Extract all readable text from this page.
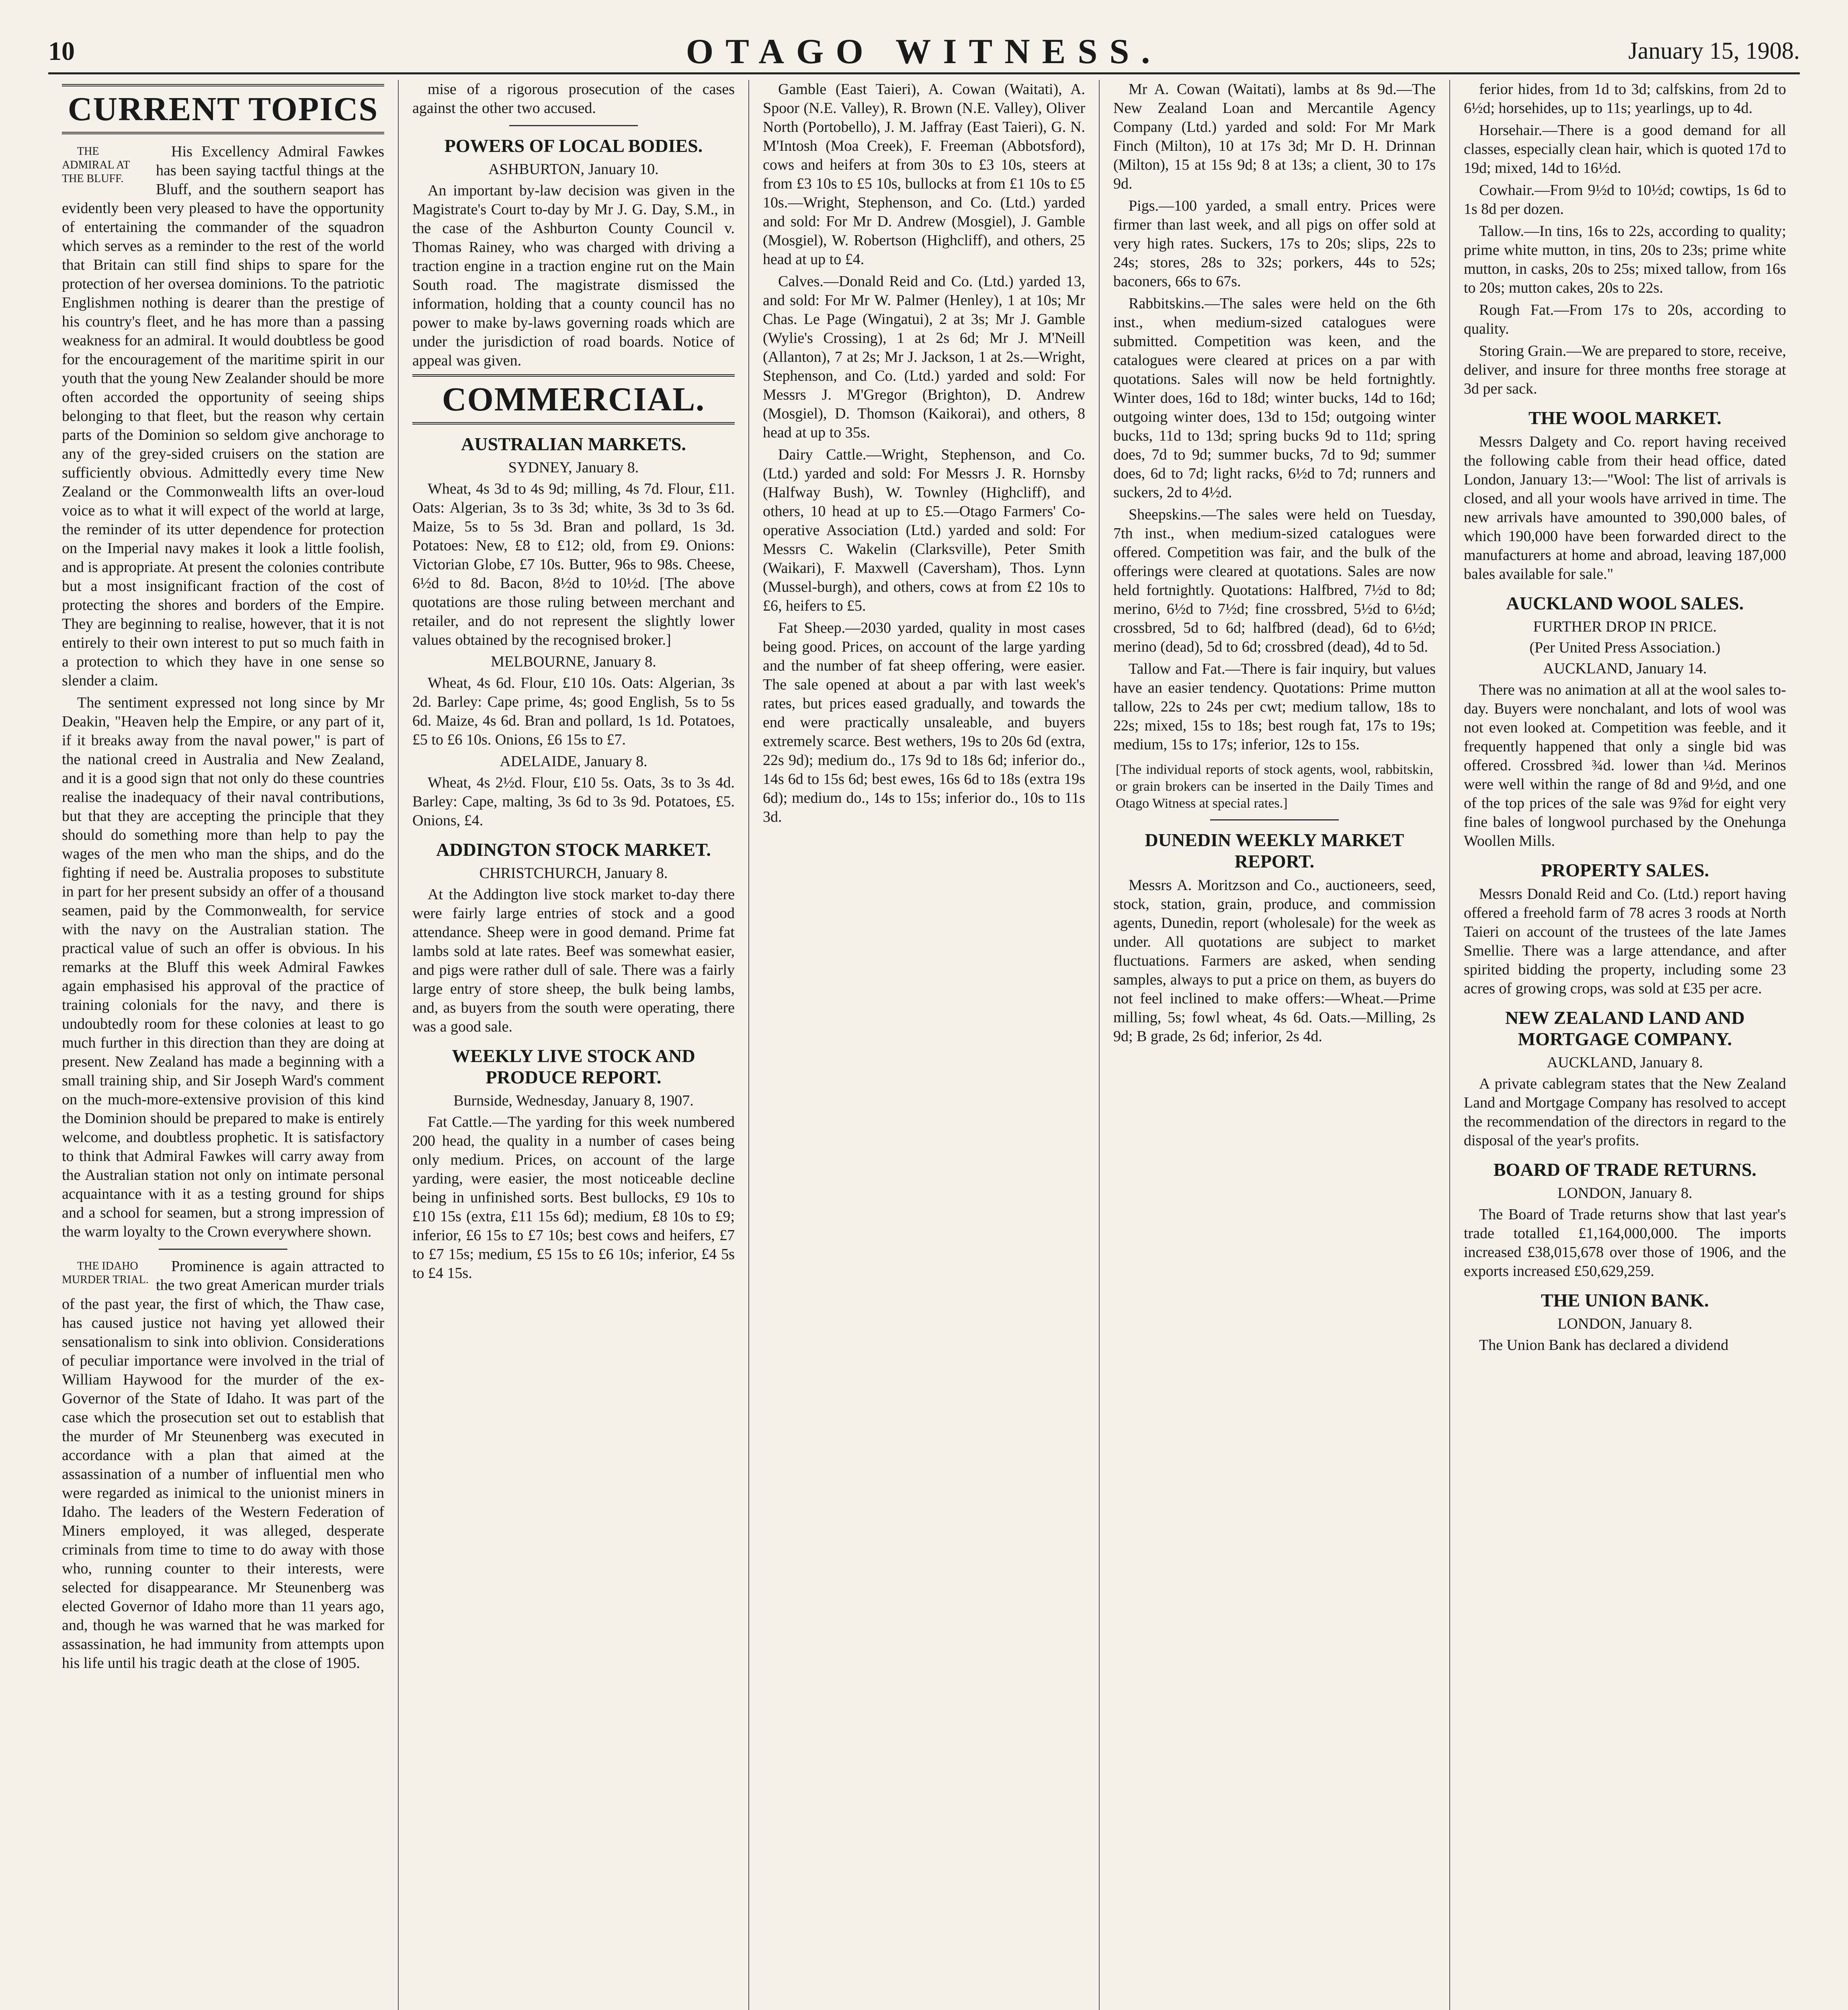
10	OTAGO WITNESS.	January 15, 1908.
CURRENT TOPICS

THE ADMIRAL AT THE BLUFF.
His Excellency Admiral Fawkes has been saying tactful things at the Bluff, and the southern seaport has evidently been very pleased to have the opportunity of entertaining the commander of the squadron which serves as a reminder to the rest of the world that Britain can still find ships to spare for the protection of her oversea dominions. To the patriotic Englishmen nothing is dearer than the prestige of his country's fleet, and he has more than a passing weakness for an admiral. It would doubtless be good for the encouragement of the maritime spirit in our youth that the young New Zealander should be more often accorded the opportunity of seeing ships belonging to that fleet, but the reason why certain parts of the Dominion so seldom give anchorage to any of the grey-sided cruisers on the station are sufficiently obvious. Admittedly every time New Zealand or the Commonwealth lifts an over-loud voice as to what it will expect of the world at large, the reminder of its utter dependence for protection on the Imperial navy makes it look a little foolish, and is appropriate. At present the colonies contribute but a most insignificant fraction of the cost of protecting the shores and borders of the Empire. They are beginning to realise, however, that it is not entirely to their own interest to put so much faith in a protection to which they have in one sense so slender a claim.

The sentiment expressed not long since by Mr Deakin, "Heaven help the Empire, or any part of it, if it breaks away from the naval power," is part of the national creed in Australia and New Zealand, and it is a good sign that not only do these countries realise the inadequacy of their naval contributions, but that they are accepting the principle that they should do something more than help to pay the wages of the men who man the ships, and do the fighting if need be. Australia proposes to substitute in part for her present subsidy an offer of a thousand seamen, paid by the Commonwealth, for service with the navy on the Australian station. The practical value of such an offer is obvious. In his remarks at the Bluff this week Admiral Fawkes again emphasised his approval of the practice of training colonials for the navy, and there is undoubtedly room for these colonies at least to go much further in this direction than they are doing at present. New Zealand has made a beginning with a small training ship, and Sir Joseph Ward's comment on the much-more-extensive provision of this kind the Dominion should be prepared to make is entirely welcome, and doubtless prophetic. It is satisfactory to think that Admiral Fawkes will carry away from the Australian station not only on intimate personal acquaintance with it as a testing ground for ships and a school for seamen, but a strong impression of the warm loyalty to the Crown everywhere shown.

THE IDAHO MURDER TRIAL.
Prominence is again attracted to the two great American murder trials of the past year, the first of which, the Thaw case, has caused justice not having yet allowed their sensationalism to sink into oblivion. Considerations of peculiar importance were involved in the trial of William Haywood for the murder of the ex-Governor of the State of Idaho. It was part of the case which the prosecution set out to establish that the murder of Mr Steunenberg was executed in accordance with a plan that aimed at the assassination of a number of influential men who were regarded as inimical to the unionist miners in Idaho. The leaders of the Western Federation of Miners employed, it was alleged, desperate criminals from time to time to do away with those who, running counter to their interests, were selected for disappearance. Mr Steunenberg was elected Governor of Idaho more than 11 years ago, and, though he was warned that he was marked for assassination, he had immunity from attempts upon his life until his tragic death at the close of 1905.

mise of a rigorous prosecution of the cases against the other two accused.

POWERS OF LOCAL BODIES.
ASHBURTON, January 10.

An important by-law decision was given in the Magistrate's Court to-day by Mr J. G. Day, S.M., in the case of the Ashburton County Council v. Thomas Rainey, who was charged with driving a traction engine in a traction engine rut on the Main South road. The magistrate dismissed the information, holding that a county council has no power to make by-laws governing roads which are under the jurisdiction of road boards. Notice of appeal was given.

COMMERCIAL.
AUSTRALIAN MARKETS.
SYDNEY, January 8.

Wheat, 4s 3d to 4s 9d; milling, 4s 7d. Flour, £11. Oats: Algerian, 3s to 3s 3d; white, 3s 3d to 3s 6d. Maize, 5s to 5s 3d. Bran and pollard, 1s 3d. Potatoes: New, £8 to £12; old, from £9. Onions: Victorian Globe, £7 10s. Butter, 96s to 98s. Cheese, 6½d to 8d. Bacon, 8½d to 10½d. [The above quotations are those ruling between merchant and retailer, and do not represent the slightly lower values obtained by the recognised broker.]

MELBOURNE, January 8.

Wheat, 4s 6d. Flour, £10 10s. Oats: Algerian, 3s 2d. Barley: Cape prime, 4s; good English, 5s to 5s 6d. Maize, 4s 6d. Bran and pollard, 1s 1d. Potatoes, £5 to £6 10s. Onions, £6 15s to £7.

ADELAIDE, January 8.

Wheat, 4s 2½d. Flour, £10 5s. Oats, 3s to 3s 4d. Barley: Cape, malting, 3s 6d to 3s 9d. Potatoes, £5. Onions, £4.

ADDINGTON STOCK MARKET.
CHRISTCHURCH, January 8.

At the Addington live stock market to-day there were fairly large entries of stock and a good attendance. Sheep were in good demand. Prime fat lambs sold at late rates. Beef was somewhat easier, and pigs were rather dull of sale. There was a fairly large entry of store sheep, the bulk being lambs, and, as buyers from the south were operating, there was a good sale.

WEEKLY LIVE STOCK AND PRODUCE REPORT.
Burnside, Wednesday, January 8, 1907.

Fat Cattle.—The yarding for this week numbered 200 head, the quality in a number of cases being only medium. Prices, on account of the large yarding, were easier, the most noticeable decline being in unfinished sorts. Best bullocks, £9 10s to £10 15s (extra, £11 15s 6d); medium, £8 10s to £9; inferior, £6 15s to £7 10s; best cows and heifers, £7 to £7 15s; medium, £5 15s to £6 10s; inferior, £4 5s to £4 15s.

Gamble (East Taieri), A. Cowan (Waitati), A. Spoor (N.E. Valley), R. Brown (N.E. Valley), Oliver North (Portobello), J. M. Jaffray (East Taieri), G. N. M'Intosh (Moa Creek), F. Freeman (Abbotsford), cows and heifers at from 30s to £3 10s, steers at from £3 10s to £5 10s, bullocks at from £1 10s to £5 10s.—Wright, Stephenson, and Co. (Ltd.) yarded and sold: For Mr D. Andrew (Mosgiel), J. Gamble (Mosgiel), W. Robertson (Highcliff), and others, 25 head at up to £4.

Calves.—Donald Reid and Co. (Ltd.) yarded 13, and sold: For Mr W. Palmer (Henley), 1 at 10s; Mr Chas. Le Page (Wingatui), 2 at 3s; Mr J. Gamble (Wylie's Crossing), 1 at 2s 6d; Mr J. M'Neill (Allanton), 7 at 2s; Mr J. Jackson, 1 at 2s.—Wright, Stephenson, and Co. (Ltd.) yarded and sold: For Messrs J. M'Gregor (Brighton), D. Andrew (Mosgiel), D. Thomson (Kaikorai), and others, 8 head at up to 35s.

Dairy Cattle.—Wright, Stephenson, and Co. (Ltd.) yarded and sold: For Messrs J. R. Hornsby (Halfway Bush), W. Townley (Highcliff), and others, 10 head at up to £5.—Otago Farmers' Co-operative Association (Ltd.) yarded and sold: For Messrs C. Wakelin (Clarksville), Peter Smith (Waikari), F. Maxwell (Caversham), Thos. Lynn (Mussel-burgh), and others, cows at from £2 10s to £6, heifers to £5.

Fat Sheep.—2030 yarded, quality in most cases being good. Prices, on account of the large yarding and the number of fat sheep offering, were easier. The sale opened at about a par with last week's rates, but prices eased gradually, and towards the end were practically unsaleable, and buyers extremely scarce. Best wethers, 19s to 20s 6d (extra, 22s 9d); medium do., 17s 9d to 18s 6d; inferior do., 14s 6d to 15s 6d; best ewes, 16s 6d to 18s (extra 19s 6d); medium do., 14s to 15s; inferior do., 10s to 11s 3d.

Mr A. Cowan (Waitati), lambs at 8s 9d.—The New Zealand Loan and Mercantile Agency Company (Ltd.) yarded and sold: For Mr Mark Finch (Milton), 10 at 17s 3d; Mr D. H. Drinnan (Milton), 15 at 15s 9d; 8 at 13s; a client, 30 to 17s 9d.

Pigs.—100 yarded, a small entry. Prices were firmer than last week, and all pigs on offer sold at very high rates. Suckers, 17s to 20s; slips, 22s to 24s; stores, 28s to 32s; porkers, 44s to 52s; baconers, 66s to 67s.

Rabbitskins.—The sales were held on the 6th inst., when medium-sized catalogues were submitted. Competition was keen, and the catalogues were cleared at prices on a par with quotations. Sales will now be held fortnightly. Winter does, 16d to 18d; winter bucks, 14d to 16d; outgoing winter does, 13d to 15d; outgoing winter bucks, 11d to 13d; spring bucks 9d to 11d; spring does, 7d to 9d; summer bucks, 7d to 9d; summer does, 6d to 7d; light racks, 6½d to 7d; runners and suckers, 2d to 4½d.

Sheepskins.—The sales were held on Tuesday, 7th inst., when medium-sized catalogues were offered. Competition was fair, and the bulk of the offerings were cleared at quotations. Sales are now held fortnightly. Quotations: Halfbred, 7½d to 8d; merino, 6½d to 7½d; fine crossbred, 5½d to 6½d; crossbred, 5d to 6d; halfbred (dead), 6d to 6½d; merino (dead), 5d to 6d; crossbred (dead), 4d to 5d.

Tallow and Fat.—There is fair inquiry, but values have an easier tendency. Quotations: Prime mutton tallow, 22s to 24s per cwt; medium tallow, 18s to 22s; mixed, 15s to 18s; best rough fat, 17s to 19s; medium, 15s to 17s; inferior, 12s to 15s.

[The individual reports of stock agents, wool, rabbitskin, or grain brokers can be inserted in the Daily Times and Otago Witness at special rates.]
DUNEDIN WEEKLY MARKET REPORT.

Messrs A. Moritzson and Co., auctioneers, seed, stock, station, grain, produce, and commission agents, Dunedin, report (wholesale) for the week as under. All quotations are subject to market fluctuations. Farmers are asked, when sending samples, always to put a price on them, as buyers do not feel inclined to make offers:—Wheat.—Prime milling, 5s; fowl wheat, 4s 6d. Oats.—Milling, 2s 9d; B grade, 2s 6d; inferior, 2s 4d.

ferior hides, from 1d to 3d; calfskins, from 2d to 6½d; horsehides, up to 11s; yearlings, up to 4d.

Horsehair.—There is a good demand for all classes, especially clean hair, which is quoted 17d to 19d; mixed, 14d to 16½d.

Cowhair.—From 9½d to 10½d; cowtips, 1s 6d to 1s 8d per dozen.

Tallow.—In tins, 16s to 22s, according to quality; prime white mutton, in tins, 20s to 23s; prime white mutton, in casks, 20s to 25s; mixed tallow, from 16s to 20s; mutton cakes, 20s to 22s.

Rough Fat.—From 17s to 20s, according to quality.

Storing Grain.—We are prepared to store, receive, deliver, and insure for three months free storage at 3d per sack.

THE WOOL MARKET.

Messrs Dalgety and Co. report having received the following cable from their head office, dated London, January 13:—"Wool: The list of arrivals is closed, and all your wools have arrived in time. The new arrivals have amounted to 390,000 bales, of which 190,000 have been forwarded direct to the manufacturers at home and abroad, leaving 187,000 bales available for sale."

AUCKLAND WOOL SALES.
FURTHER DROP IN PRICE.
(Per United Press Association.)
AUCKLAND, January 14.

There was no animation at all at the wool sales to-day. Buyers were nonchalant, and lots of wool was not even looked at. Competition was feeble, and it frequently happened that only a single bid was offered. Crossbred ¾d. lower than ¼d. Merinos were well within the range of 8d and 9½d, and one of the top prices of the sale was 9⅞d for eight very fine bales of longwool purchased by the Onehunga Woollen Mills.

PROPERTY SALES.

Messrs Donald Reid and Co. (Ltd.) report having offered a freehold farm of 78 acres 3 roods at North Taieri on account of the trustees of the late James Smellie. There was a large attendance, and after spirited bidding the property, including some 23 acres of growing crops, was sold at £35 per acre.

NEW ZEALAND LAND AND MORTGAGE COMPANY.
AUCKLAND, January 8.

A private cablegram states that the New Zealand Land and Mortgage Company has resolved to accept the recommendation of the directors in regard to the disposal of the year's profits.

BOARD OF TRADE RETURNS.
LONDON, January 8.

The Board of Trade returns show that last year's trade totalled £1,164,000,000. The imports increased £38,015,678 over those of 1906, and the exports increased £50,629,259.

THE UNION BANK.
LONDON, January 8.

The Union Bank has declared a dividend
